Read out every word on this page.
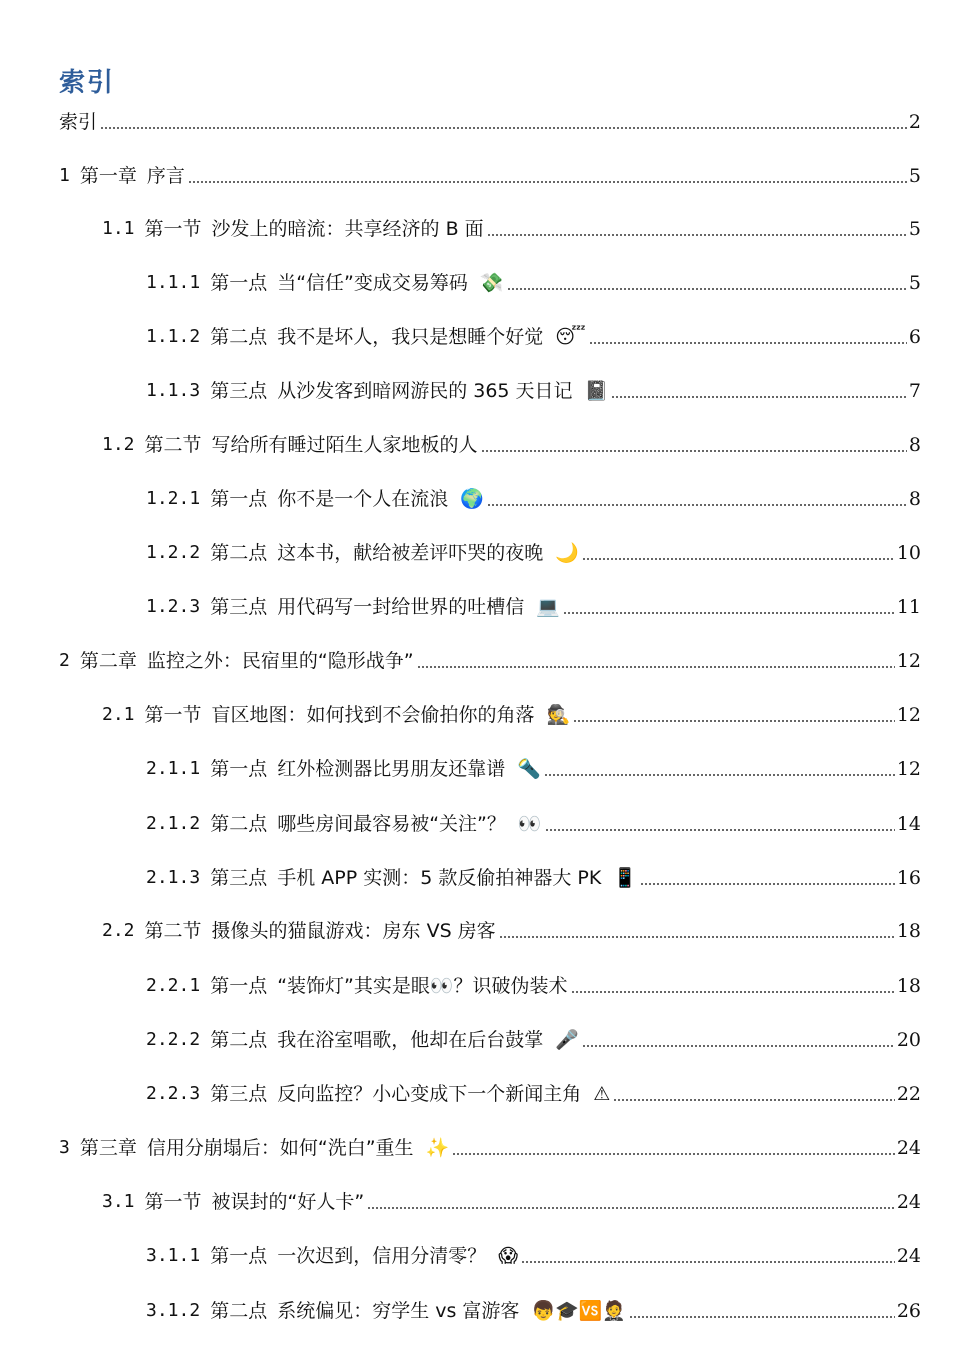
索引
索引	2
1 第一章 序言	5
1.1 第一节 沙发上的暗流：共享经济的 B 面	5
1.1.1 第一点 当“信任”变成交易筹码 💸	5
1.1.2 第二点 我不是坏人，我只是想睡个好觉 😴	6
1.1.3 第三点 从沙发客到暗网游民的 365 天日记 📓	7
1.2 第二节 写给所有睡过陌生人家地板的人	8
1.2.1 第一点 你不是一个人在流浪 🌍	8
1.2.2 第二点 这本书，献给被差评吓哭的夜晚 🌙	10
1.2.3 第三点 用代码写一封给世界的吐槽信 💻	11
2 第二章 监控之外：民宿里的“隐形战争”	12
2.1 第一节 盲区地图：如何找到不会偷拍你的角落 🕵	12
2.1.1 第一点 红外检测器比男朋友还靠谱 🔦	12
2.1.2 第二点 哪些房间最容易被“关注”？ 👀	14
2.1.3 第三点 手机 APP 实测：5 款反偷拍神器大 PK 📱	16
2.2 第二节 摄像头的猫鼠游戏：房东 VS 房客	18
2.2.1 第一点 “装饰灯”其实是眼👀？识破伪装术	18
2.2.2 第二点 我在浴室唱歌，他却在后台鼓掌 🎤	20
2.2.3 第三点 反向监控？小心变成下一个新闻主角 ⚠	22
3 第三章 信用分崩塌后：如何“洗白”重生 ✨	24
3.1 第一节 被误封的“好人卡”	24
3.1.1 第一点 一次迟到，信用分清零？ 😱	24
3.1.2 第二点 系统偏见：穷学生 vs 富游客 👦🎓🆚🤵	26
